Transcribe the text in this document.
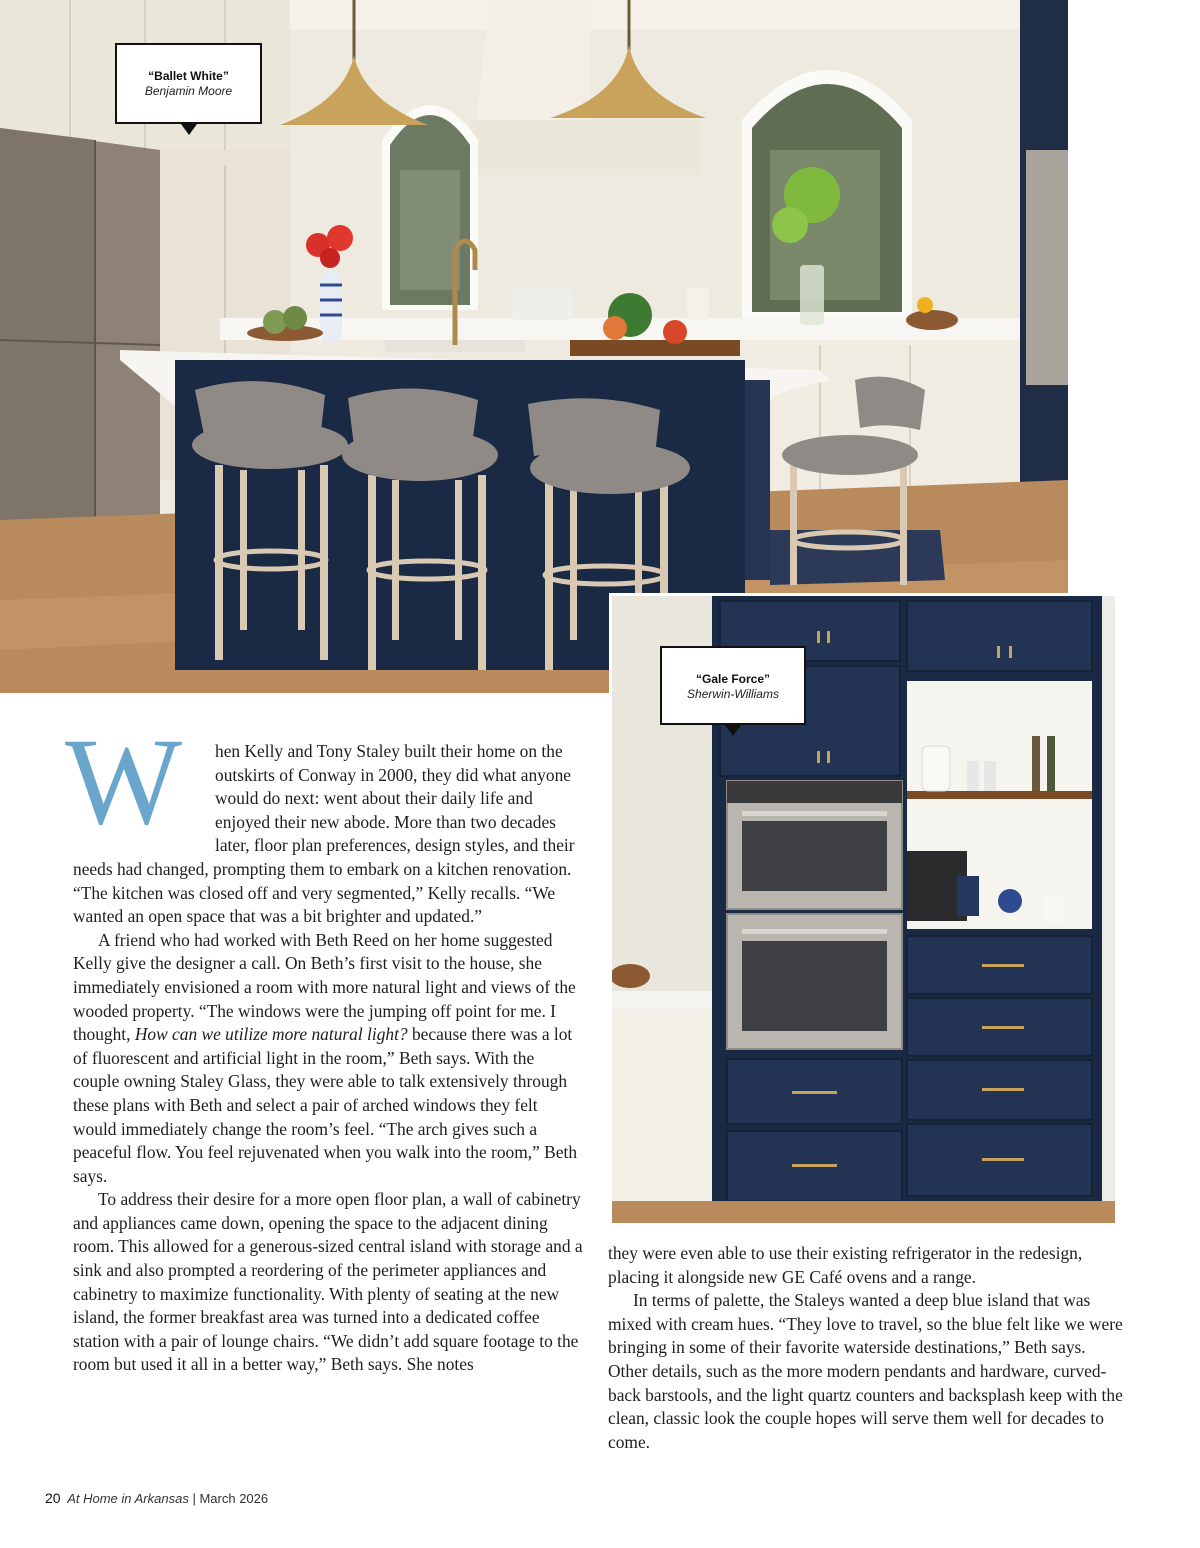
“Ballet White”
Benjamin Moore
“Gale Force”
Sherwin-Williams

W	hen Kelly and Tony Staley built their home on the outskirts of Conway in 2000, they did what anyone would do next: went about their daily life and enjoyed their new abode. More than two decades later, floor plan preferences, design styles, and their needs had changed, prompting them to embark on a kitchen renovation. “The kitchen was closed off and very segmented,” Kelly recalls. “We wanted an open space that was a bit brighter and updated.”

A friend who had worked with Beth Reed on her home suggested Kelly give the designer a call. On Beth’s first visit to the house, she immediately envisioned a room with more natural light and views of the wooded property. “The windows were the jumping off point for me. I thought, How can we utilize more natural light? because there was a lot of fluorescent and artificial light in the room,” Beth says. With the couple owning Staley Glass, they were able to talk extensively through these plans with Beth and select a pair of arched windows they felt would immediately change the room’s feel. “The arch gives such a peaceful flow. You feel rejuvenated when you walk into the room,” Beth says.

To address their desire for a more open floor plan, a wall of cabinetry and appliances came down, opening the space to the adjacent dining room. This allowed for a generous-sized central island with storage and a sink and also prompted a reordering of the perimeter appliances and cabinetry to maximize functionality. With plenty of seating at the new island, the former breakfast area was turned into a dedicated coffee station with a pair of lounge chairs. “We didn’t add square footage to the room but used it all in a better way,” Beth says. She notes

they were even able to use their existing refrigerator in the redesign, placing it alongside new GE Café ovens and a range.

In terms of palette, the Staleys wanted a deep blue island that was mixed with cream hues. “They love to travel, so the blue felt like we were bringing in some of their favorite waterside destinations,” Beth says. Other details, such as the more modern pendants and hardware, curved-back barstools, and the light quartz counters and backsplash keep with the clean, classic look the couple hopes will serve them well for decades to come.

20 At Home in Arkansas | March 2026
